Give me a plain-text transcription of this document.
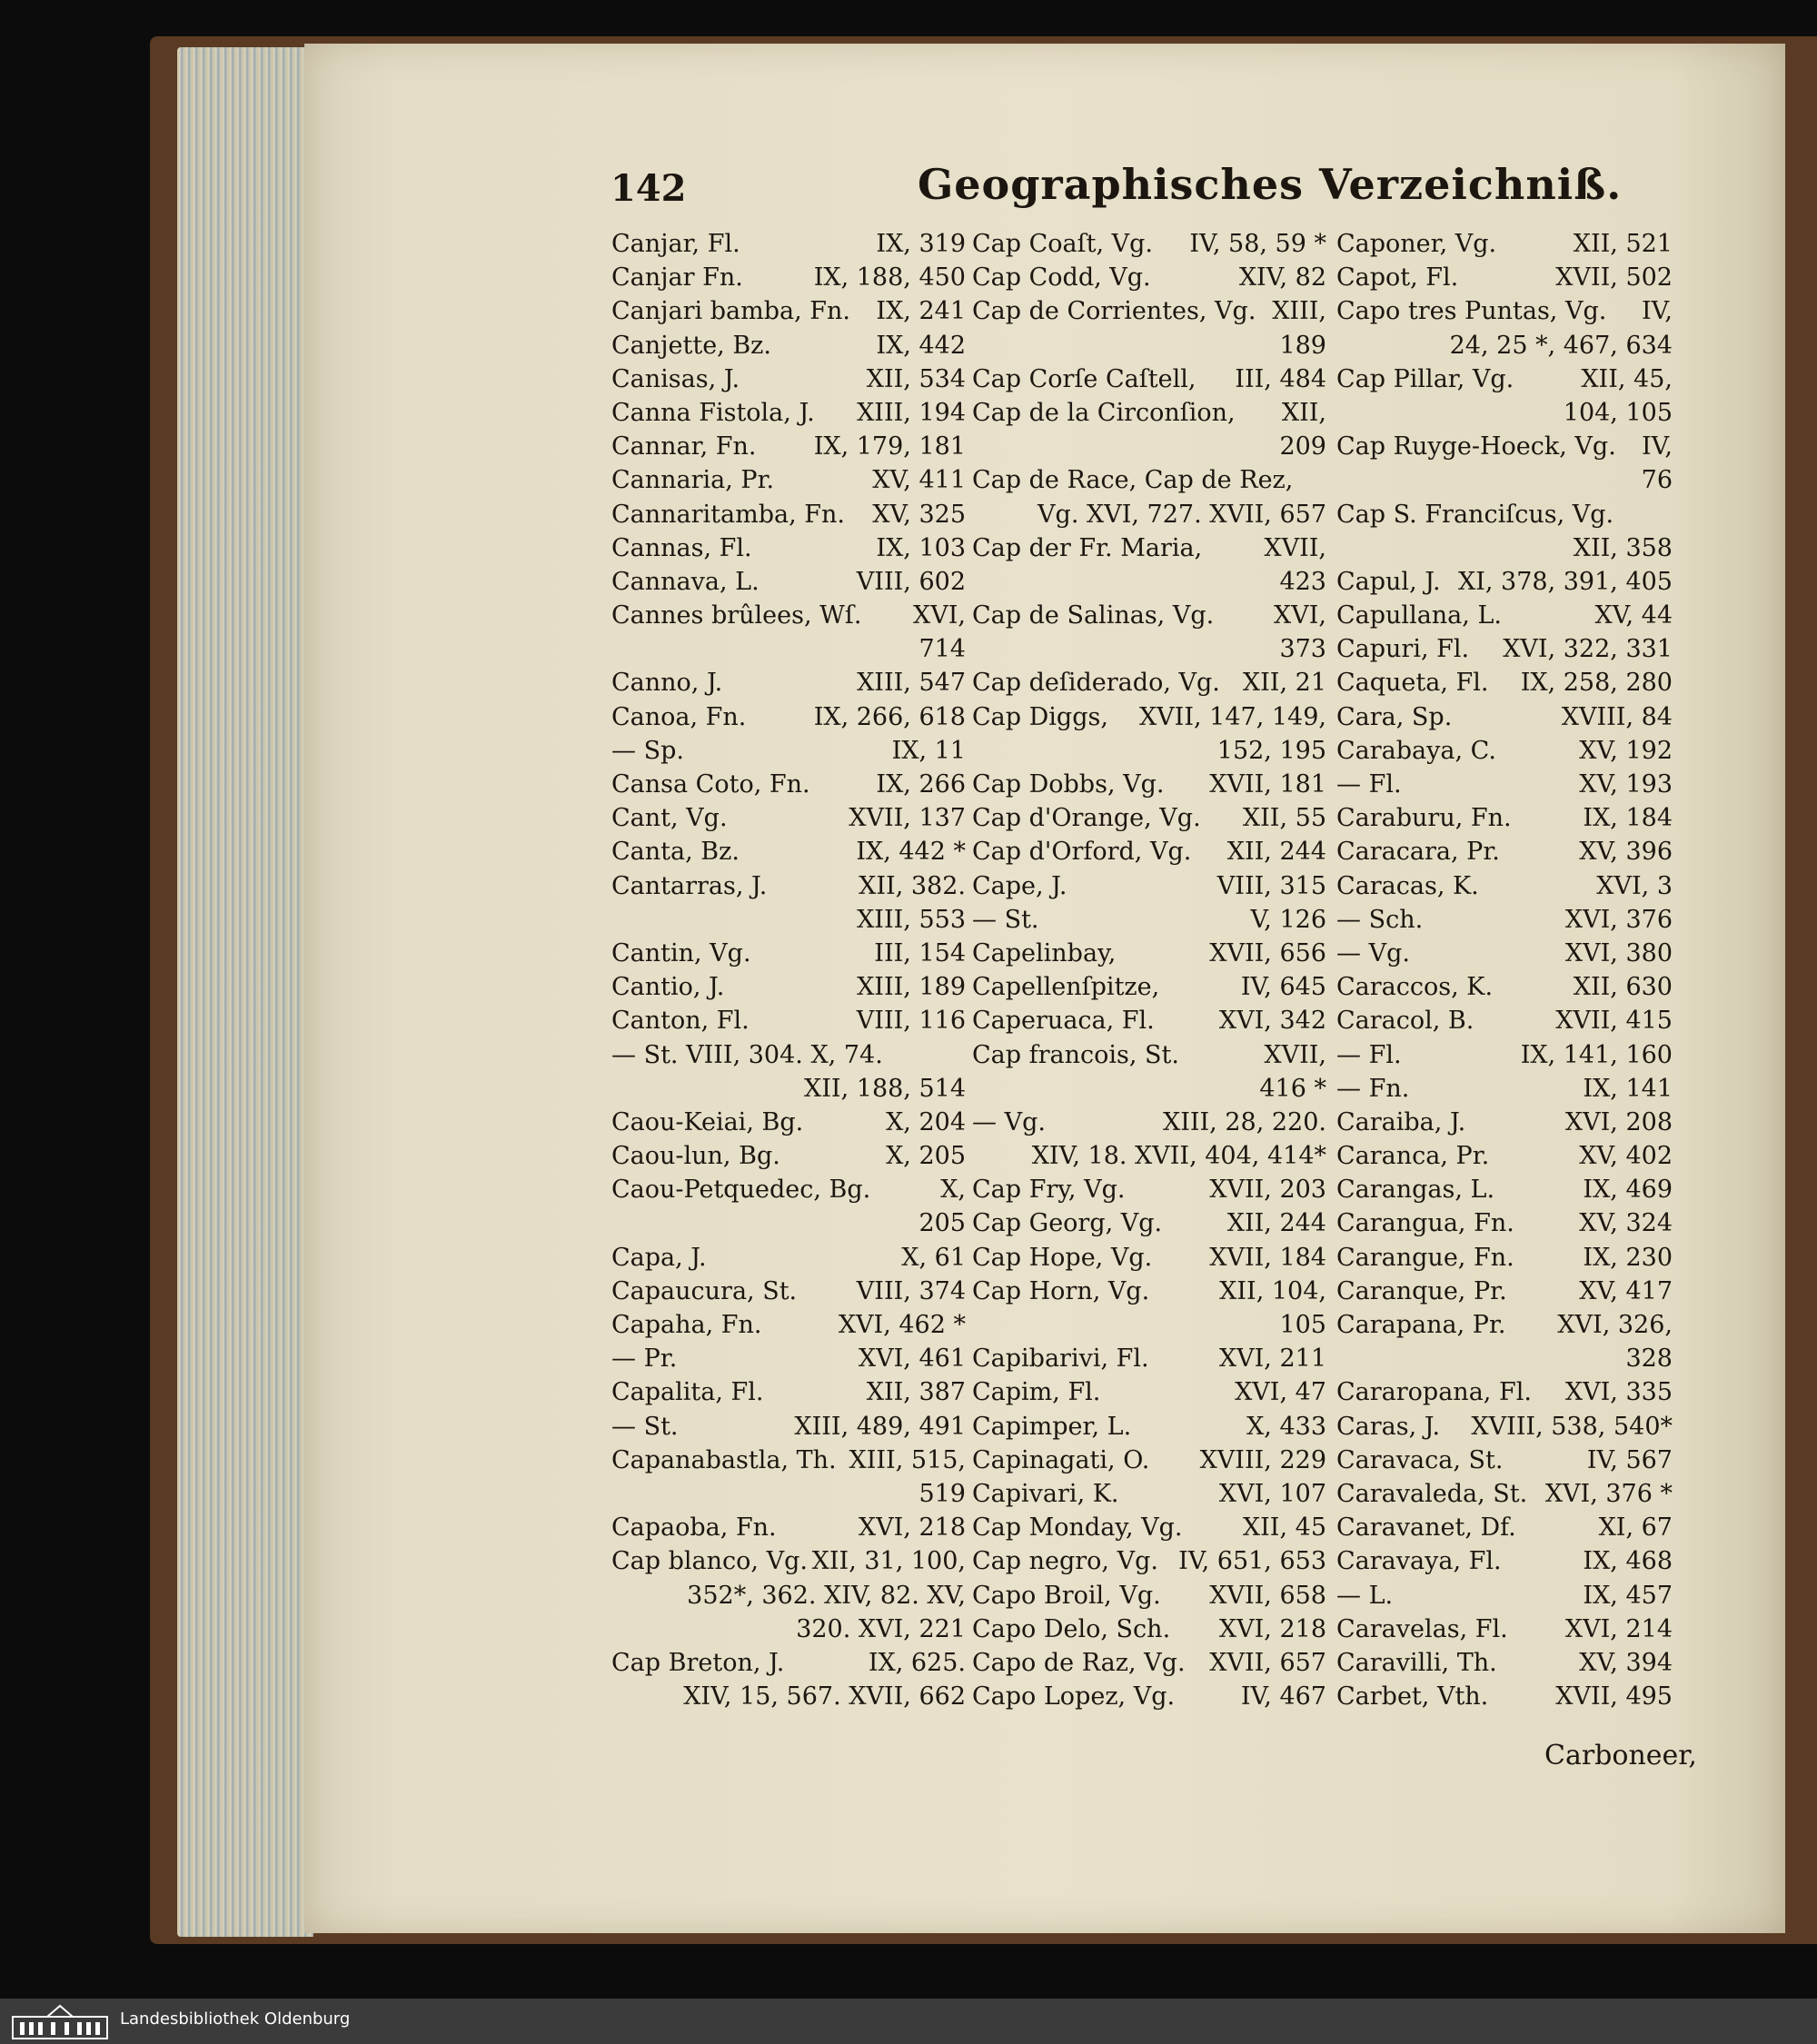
142	Geographisches Verzeichniß.
Canjar, Fl.	IX, 319
Canjar Fn.	IX, 188, 450
Canjari bamba, Fn. IX, 241
Canjette, Bz.	IX, 442
Canisas, J.	XII, 534
Canna Fistola, J. XIII, 194
Cannar, Fn. IX, 179, 181
Cannaria, Pr.	XV, 411
Cannaritamba, Fn. XV, 325
Cannas, Fl.	IX, 103
Cannava, L.	VIII, 602
Cannes brûlees, Wſ. XVI,
714
Canno, J.	XIII, 547
Canoa, Fn.	IX, 266, 618
— Sp.	IX, 11
Cansa Coto, Fn.	IX, 266
Cant, Vg.	XVII, 137
Canta, Bz.	IX, 442 *
Cantarras, J.	XII, 382.
XIII, 553
Cantin, Vg.	III, 154
Cantio, J.	XIII, 189
Canton, Fl.	VIII, 116
— St. VIII, 304. X, 74.
XII, 188, 514
Caou-Keiai, Bg.	X, 204
Caou-lun, Bg.	X, 205
Caou-Petquedec, Bg.	X,
205
Capa, J.	X, 61
Capaucura, St. VIII, 374
Capaha, Fn.	XVI, 462 *
— Pr.	XVI, 461
Capalita, Fl.	XII, 387
— St.	XIII, 489, 491
Capanabastla, Th. XIII, 515,
519
Capaoba, Fn.	XVI, 218
Cap blanco, Vg. XII, 31, 100,
352*, 362. XIV, 82. XV,
320. XVI, 221
Cap Breton, J.	IX, 625.
XIV, 15, 567. XVII, 662
Cap Coaſt, Vg. IV, 58, 59 *
Cap Codd, Vg.	XIV, 82
Cap de Corrientes, Vg. XIII,
189
Cap Corſe Caſtell, III, 484
Cap de la Circonſion, XII,
209
Cap de Race, Cap de Rez,
Vg. XVI, 727. XVII, 657
Cap der Fr. Maria,	XVII,
423
Cap de Salinas, Vg. XVI,
373
Cap deſiderado, Vg. XII, 21
Cap Diggs, XVII, 147, 149,
152, 195
Cap Dobbs, Vg. XVII, 181
Cap d'Orange, Vg. XII, 55
Cap d'Orford, Vg. XII, 244
Cape, J.	VIII, 315
— St.	V, 126
Capelinbay,	XVII, 656
Capellenſpitze,	IV, 645
Caperuaca, Fl.	XVI, 342
Cap francois, St.	XVII,
416 *
— Vg.	XIII, 28, 220.
XIV, 18. XVII, 404, 414*
Cap Fry, Vg.	XVII, 203
Cap Georg, Vg.	XII, 244
Cap Hope, Vg. XVII, 184
Cap Horn, Vg.	XII, 104,
105
Capibarivi, Fl.	XVI, 211
Capim, Fl.	XVI, 47
Capimper, L.	X, 433
Capinagati, O. XVIII, 229
Capivari, K.	XVI, 107
Cap Monday, Vg. XII, 45
Cap negro, Vg. IV, 651, 653
Capo Broil, Vg. XVII, 658
Capo Delo, Sch. XVI, 218
Capo de Raz, Vg. XVII, 657
Capo Lopez, Vg.	IV, 467
Caponer, Vg.	XII, 521
Capot, Fl.	XVII, 502
Capo tres Puntas, Vg. IV,
24, 25 *, 467, 634
Cap Pillar, Vg.	XII, 45,
104, 105
Cap Ruyge-Hoeck, Vg. IV,
76
Cap S. Franciſcus, Vg.
XII, 358
Capul, J. XI, 378, 391, 405
Capullana, L.	XV, 44
Capuri, Fl. XVI, 322, 331
Caqueta, Fl. IX, 258, 280
Cara, Sp.	XVIII, 84
Carabaya, C.	XV, 192
— Fl.	XV, 193
Caraburu, Fn.	IX, 184
Caracara, Pr.	XV, 396
Caracas, K.	XVI, 3
— Sch.	XVI, 376
— Vg.	XVI, 380
Caraccos, K.	XII, 630
Caracol, B.	XVII, 415
— Fl.	IX, 141, 160
— Fn.	IX, 141
Caraiba, J.	XVI, 208
Caranca, Pr.	XV, 402
Carangas, L.	IX, 469
Carangua, Fn.	XV, 324
Carangue, Fn.	IX, 230
Caranque, Pr.	XV, 417
Carapana, Pr. XVI, 326,
328
Cararopana, Fl. XVI, 335
Caras, J. XVIII, 538, 540*
Caravaca, St.	IV, 567
Caravaleda, St. XVI, 376 *
Caravanet, Df.	XI, 67
Caravaya, Fl.	IX, 468
— L.	IX, 457
Caravelas, Fl. XVI, 214
Caravilli, Th.	XV, 394
Carbet, Vth.	XVII, 495
Carboneer,
Landesbibliothek Oldenburg
